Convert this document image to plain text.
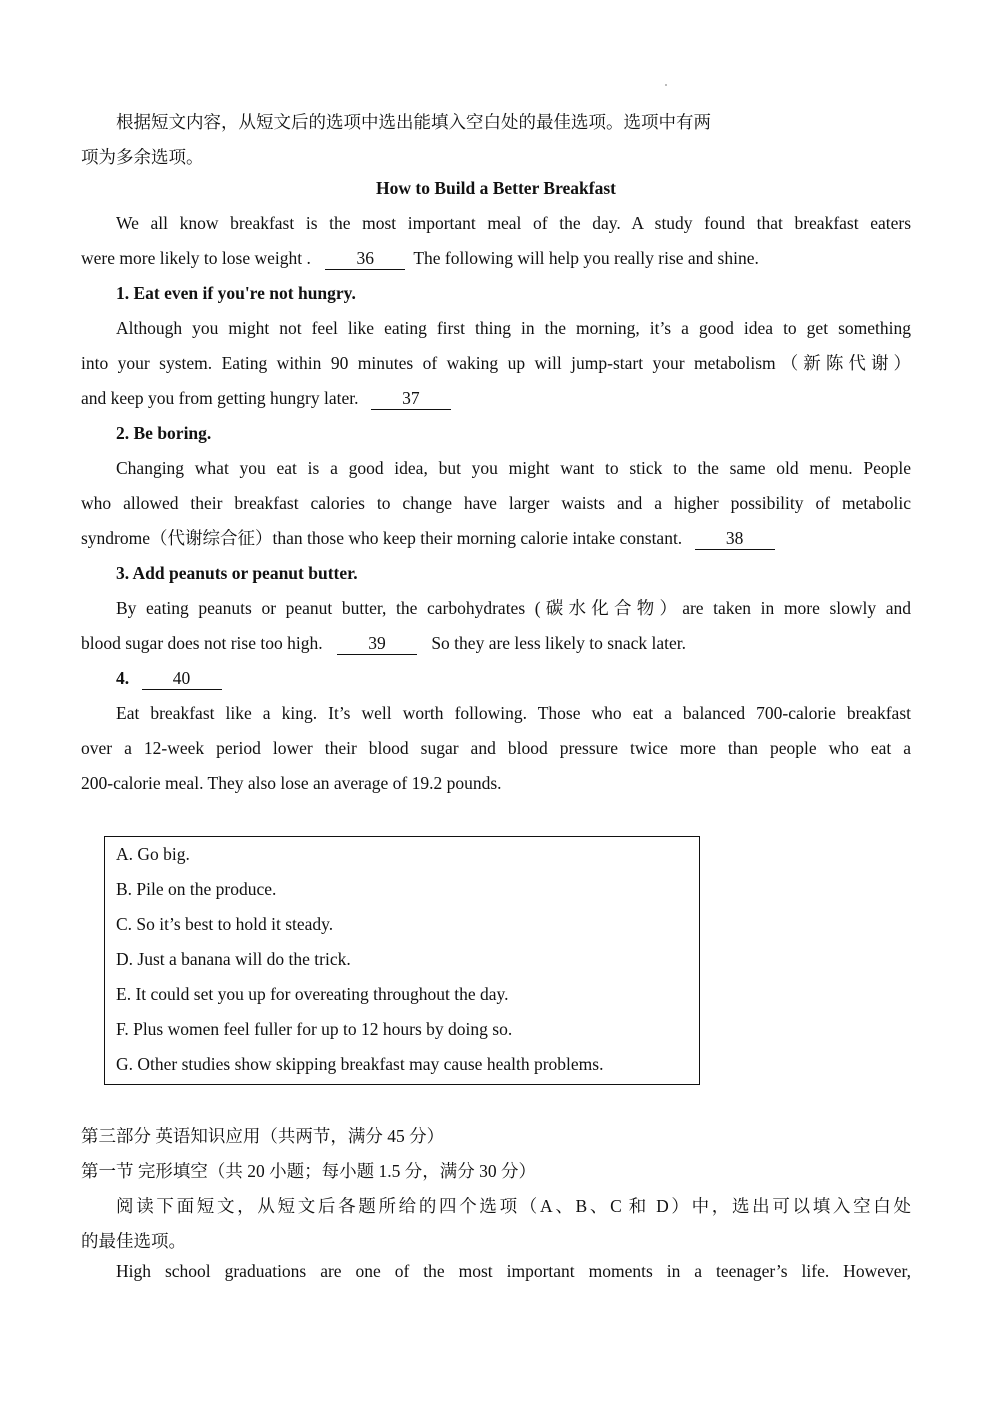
根据短文内容，从短文后的选项中选出能填入空白处的最佳选项。选项中有两
项为多余选项。
How to Build a Better Breakfast
We all know breakfast is the most important meal of the day. A study found that breakfast eaters
were more likely to lose weight .	36 The following will help you really rise and shine.
1. Eat even if you're not hungry.
Although you might not feel like eating first thing in the morning, it’s a good idea to get something
into your system. Eating within 90 minutes of waking up will jump-start your metabolism（新陈代谢）
and keep you from getting hungry later. 37
2. Be boring.
Changing what you eat is a good idea, but you might want to stick to the same old menu. People
who allowed their breakfast calories to change have larger waists and a higher possibility of metabolic
syndrome（代谢综合征）than those who keep their morning calorie intake constant. 38
3. Add peanuts or peanut butter.
By eating peanuts or peanut butter, the carbohydrates (碳水化合物）are taken in more slowly and
blood sugar does not rise too high.	39	So they are less likely to snack later.
4. 40
Eat breakfast like a king. It’s well worth following. Those who eat a balanced 700-calorie breakfast
over a 12-week period lower their blood sugar and blood pressure twice more than people who eat a
200-calorie meal. They also lose an average of 19.2 pounds.
A. Go big.
B. Pile on the produce.
C. So it’s best to hold it steady.
D. Just a banana will do the trick.
E. It could set you up for overeating throughout the day.
F. Plus women feel fuller for up to 12 hours by doing so.
G. Other studies show skipping breakfast may cause health problems.
第三部分 英语知识应用（共两节，满分 45 分）
第一节 完形填空（共 20 小题；每小题 1.5 分，满分 30 分）
阅读下面短文，从短文后各题所给的四个选项（A、B、C 和 D）中，选出可以填入空白处
的最佳选项。
High school graduations are one of the most important moments in a teenager’s life. However,
